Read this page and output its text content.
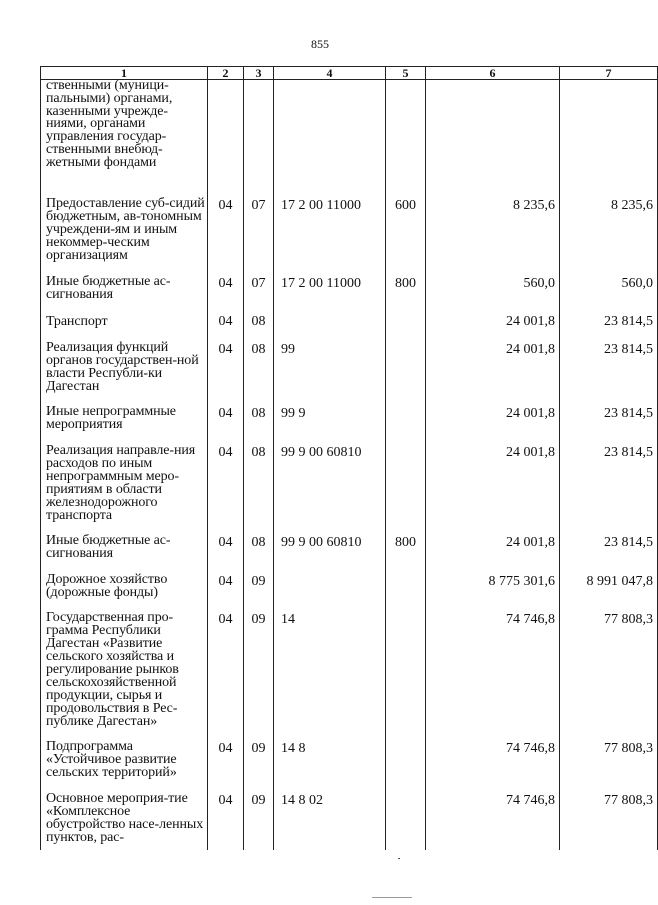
855
1	2	3	4	5	6	7
ственными (муници-пальными) органами, казенными учрежде-ниями, органами управления государ-ственными внебюд-жетными фондами						
Предоставление суб-сидий бюджетным, ав-тономным учреждени-ям и иным некоммер-ческим организациям	04	07	17 2 00 11000	600	8 235,6	8 235,6
Иные бюджетные ас-сигнования	04	07	17 2 00 11000	800	560,0	560,0
Транспорт	04	08			24 001,8	23 814,5
Реализация функций органов государствен-ной власти Республи-ки Дагестан	04	08	99		24 001,8	23 814,5
Иные непрограммные мероприятия	04	08	99 9		24 001,8	23 814,5
Реализация направле-ния расходов по иным непрограммным меро-приятиям в области железнодорожного транспорта	04	08	99 9 00 60810		24 001,8	23 814,5
Иные бюджетные ас-сигнования	04	08	99 9 00 60810	800	24 001,8	23 814,5
Дорожное хозяйство (дорожные фонды)	04	09			8 775 301,6	8 991 047,8
Государственная про-грамма Республики Дагестан «Развитие сельского хозяйства и регулирование рынков сельскохозяйственной продукции, сырья и продовольствия в Рес-публике Дагестан»	04	09	14		74 746,8	77 808,3
Подпрограмма «Устойчивое развитие сельских территорий»	04	09	14 8		74 746,8	77 808,3
Основное мероприя-тие «Комплексное обустройство насе-ленных пунктов, рас-	04	09	14 8 02		74 746,8	77 808,3
